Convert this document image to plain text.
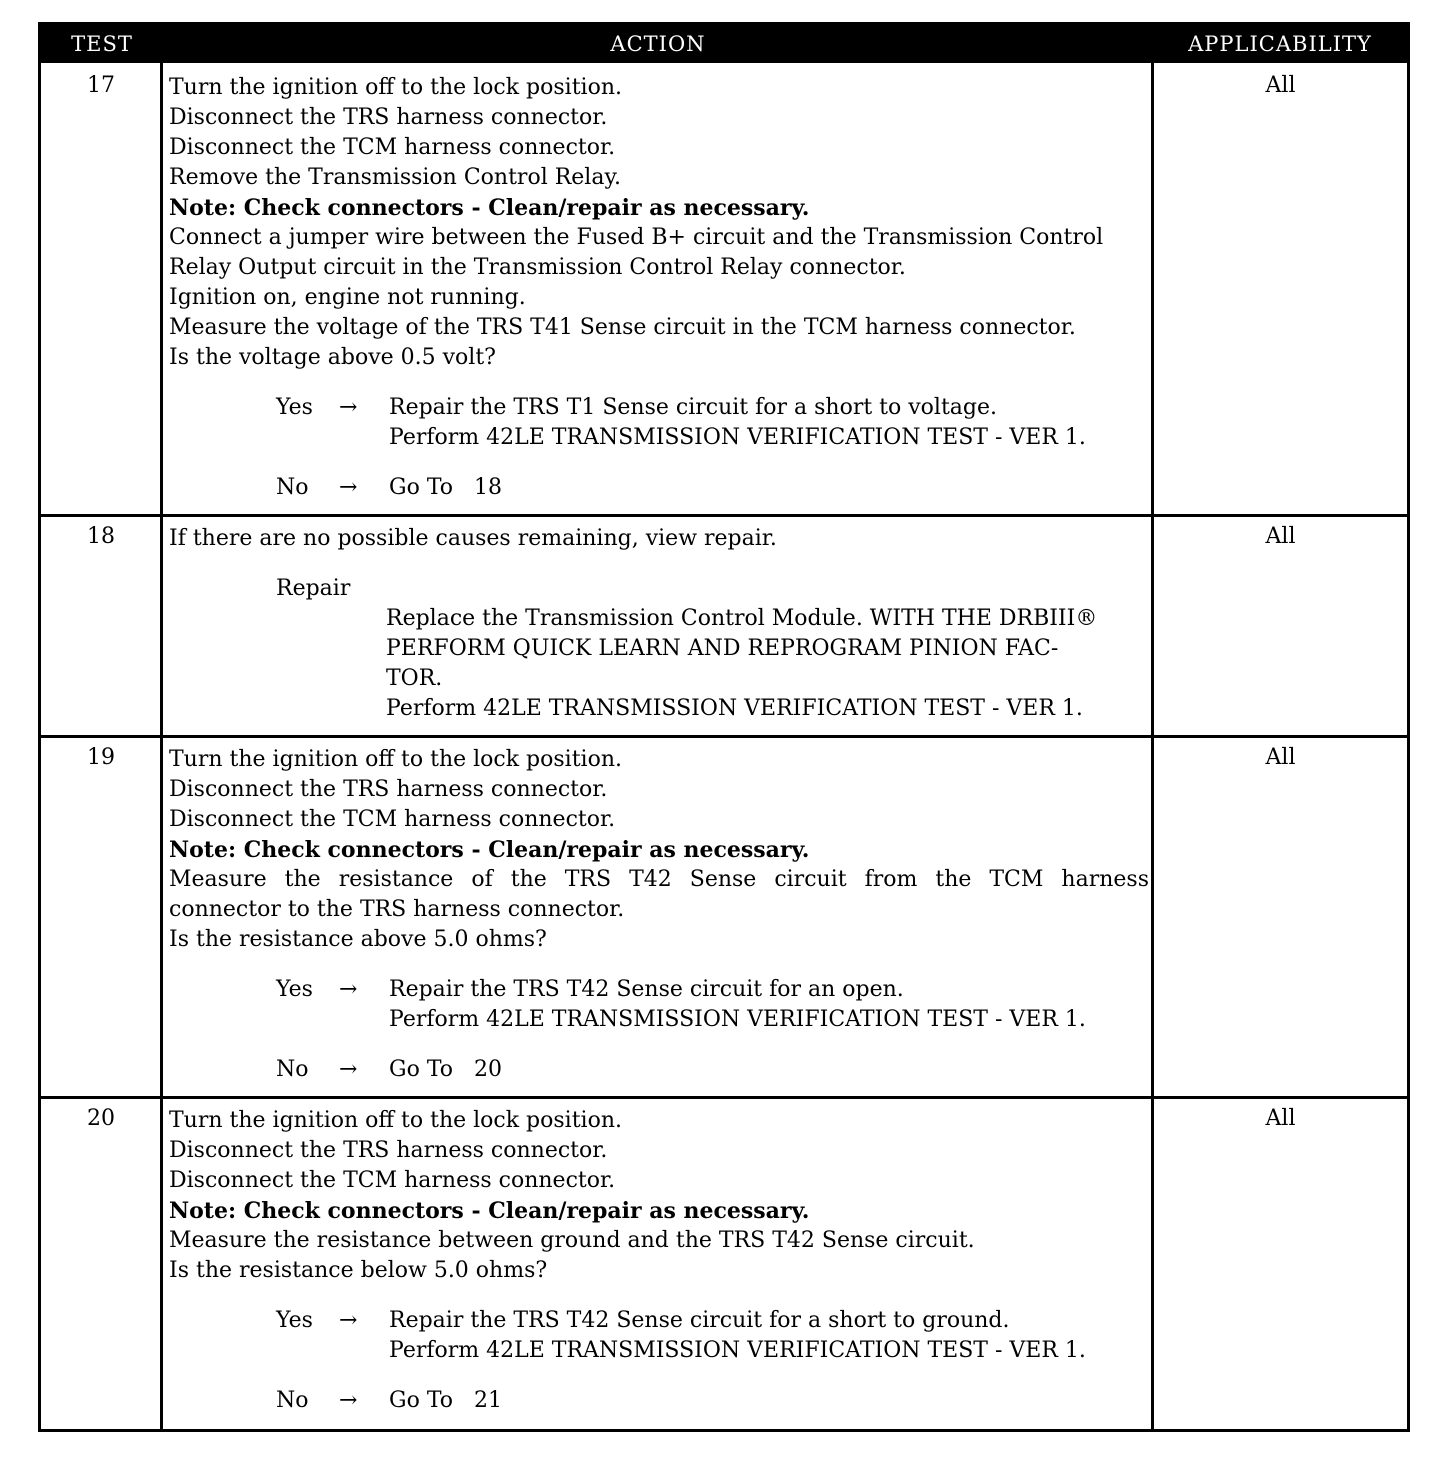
TEST	ACTION	APPLICABILITY
17	Turn the ignition off to the lock position.
Disconnect the TRS harness connector.
Disconnect the TCM harness connector.
Remove the Transmission Control Relay.
Note: Check connectors - Clean/repair as necessary.
Connect a jumper wire between the Fused B+ circuit and the Transmission Control
Relay Output circuit in the Transmission Control Relay connector.
Ignition on, engine not running.
Measure the voltage of the TRS T41 Sense circuit in the TCM harness connector.
Is the voltage above 0.5 volt?
Yes → Repair the TRS T1 Sense circuit for a short to voltage.
Perform 42LE TRANSMISSION VERIFICATION TEST - VER 1.
No → Go To   18
All
18	If there are no possible causes remaining, view repair.
Repair
Replace the Transmission Control Module. WITH THE DRBIII®
PERFORM QUICK LEARN AND REPROGRAM PINION FAC-
TOR.
Perform 42LE TRANSMISSION VERIFICATION TEST - VER 1.
All
19	Turn the ignition off to the lock position.
Disconnect the TRS harness connector.
Disconnect the TCM harness connector.
Note: Check connectors - Clean/repair as necessary.
Measure the resistance of the TRS T42 Sense circuit from the TCM harness
connector to the TRS harness connector.
Is the resistance above 5.0 ohms?
Yes → Repair the TRS T42 Sense circuit for an open.
Perform 42LE TRANSMISSION VERIFICATION TEST - VER 1.
No → Go To   20
All
20	Turn the ignition off to the lock position.
Disconnect the TRS harness connector.
Disconnect the TCM harness connector.
Note: Check connectors - Clean/repair as necessary.
Measure the resistance between ground and the TRS T42 Sense circuit.
Is the resistance below 5.0 ohms?
Yes → Repair the TRS T42 Sense circuit for a short to ground.
Perform 42LE TRANSMISSION VERIFICATION TEST - VER 1.
No → Go To   21
All
